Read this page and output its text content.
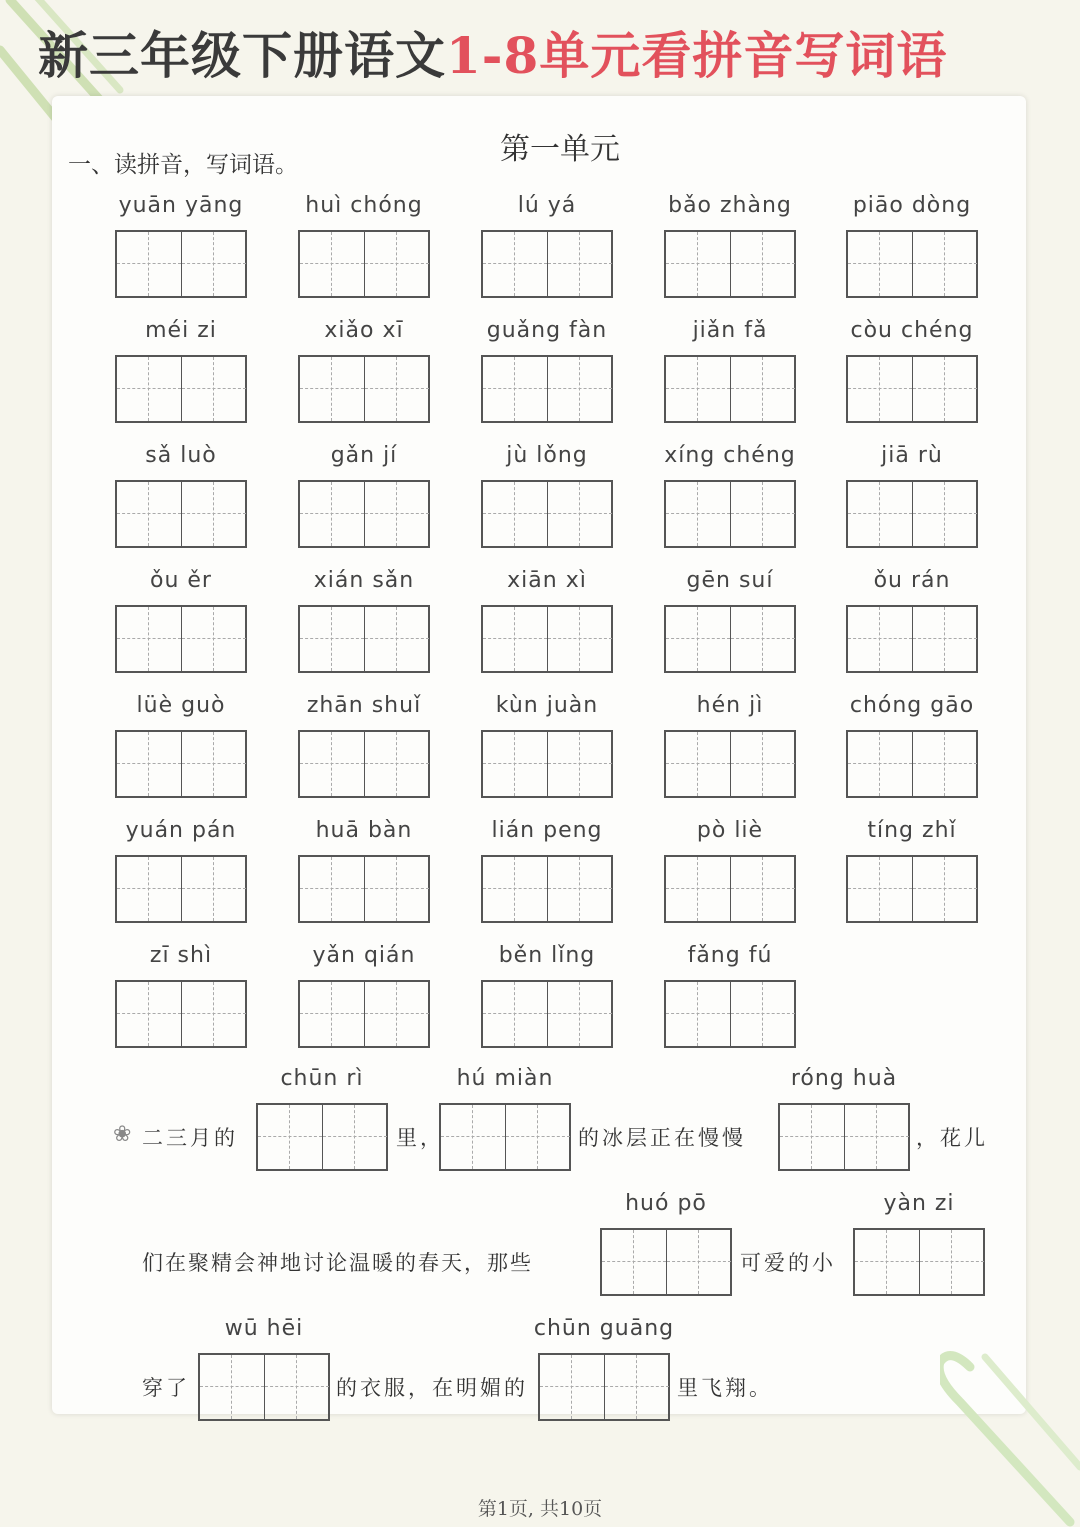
新三年级下册语文1-8单元看拼音写词语
第一单元
一、读拼音，写词语。
yuān yāng	huì chóng	lú yá	bǎo zhàng	piāo dòng
méi zi	xiǎo xī	guǎng fàn	jiǎn fǎ	còu chéng
sǎ luò	gǎn jí	jù lǒng	xíng chéng	jiā rù
ǒu ěr	xián sǎn	xiān xì	gēn suí	ǒu rán
lüè guò	zhān shuǐ	kùn juàn	hén jì	chóng gāo
yuán pán	huā bàn	lián peng	pò liè	tíng zhǐ
zī shì	yǎn qián	běn lǐng	fǎng fú
❀ 二三月的
chūn rì
里，
hú miàn
的冰层正在慢慢
róng huà
，花儿
们在聚精会神地讨论温暖的春天，那些
huó pō
可爱的小
yàn zi
穿了
wū hēi
的衣服，在明媚的
chūn guāng
里飞翔。
第1页, 共10页
